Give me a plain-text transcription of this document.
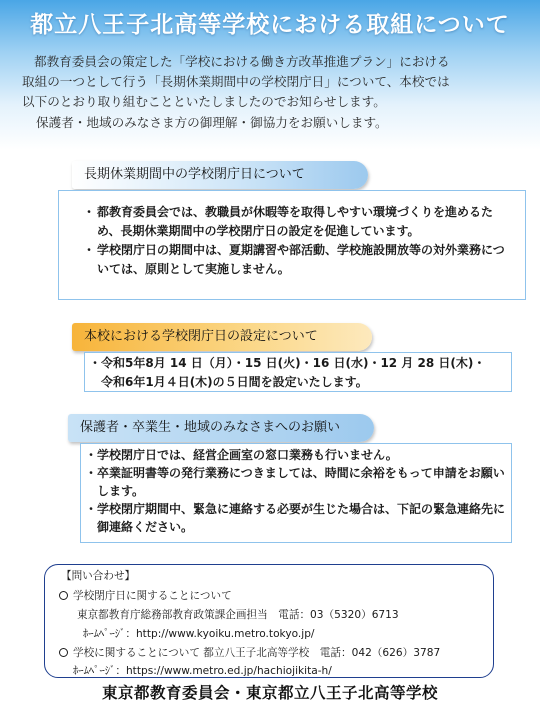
都立八王子北高等学校における取組について

都教育委員会の策定した「学校における働き方改革推進プラン」における

取組の一つとして行う「長期休業期間中の学校閉庁日」について、本校では

以下のとおり取り組むことといたしましたのでお知らせします。

保護者・地域のみなさま方の御理解・御協力をお願いします。

長期休業期間中の学校閉庁日について
・ 都教育委員会では、教職員が休暇等を取得しやすい環境づくりを進めるため、長期休業期間中の学校閉庁日の設定を促進しています。
・ 学校閉庁日の期間中は、夏期講習や部活動、学校施設開放等の対外業務については、原則として実施しません。
本校における学校閉庁日の設定について
・ 令和5年8月 14 日（月）・15 日(火)・16 日(水)・12 月 28 日(木)・
令和6年1月４日(木)の５日間を設定いたします。
保護者・卒業生・地域のみなさまへのお願い
・ 学校閉庁日では、経営企画室の窓口業務も行いません。
・ 卒業証明書等の発行業務につきましては、時間に余裕をもって申請をお願いします。
・ 学校閉庁期間中、緊急に連絡する必要が生じた場合は、下記の緊急連絡先に御連絡ください。
【問い合わせ】
学校閉庁日に関することについて
東京都教育庁総務部教育政策課企画担当　電話：03（5320）6713
ﾎｰﾑﾍﾟｰｼﾞ：http://www.kyoiku.metro.tokyo.jp/
学校に関することについて 都立八王子北高等学校　電話：042（626）3787
ﾎｰﾑﾍﾟｰｼﾞ：https://www.metro.ed.jp/hachiojikita-h/
東京都教育委員会・東京都立八王子北高等学校
